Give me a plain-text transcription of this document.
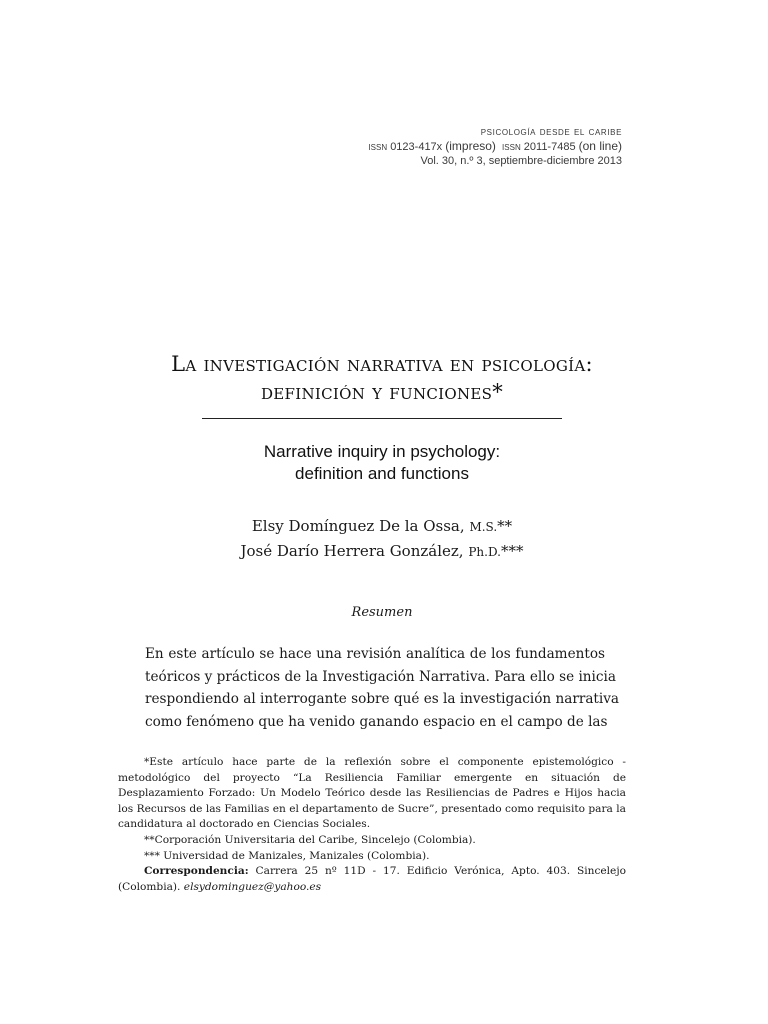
psicología desde el caribe
issn 0123-417x (impreso) issn 2011-7485 (on line)
Vol. 30, n.º 3, septiembre-diciembre 2013
La investigación narrativa en psicología:
definición y funciones*
Narrative inquiry in psychology:
definition and functions
Elsy Domínguez De la Ossa, M.S.**
José Darío Herrera González, Ph.D.***
Resumen
En este artículo se hace una revisión analítica de los fundamentos
teóricos y prácticos de la Investigación Narrativa. Para ello se inicia
respondiendo al interrogante sobre qué es la investigación narrativa
como fenómeno que ha venido ganando espacio en el campo de las

*Este artículo hace parte de la reflexión sobre el componente epistemológico - metodológico del proyecto “La Resiliencia Familiar emergente en situación de Desplazamiento Forzado: Un Modelo Teórico desde las Resiliencias de Padres e Hijos hacia los Recursos de las Familias en el departamento de Sucre”, presentado como requisito para la candidatura al doctorado en Ciencias Sociales.

**Corporación Universitaria del Caribe, Sincelejo (Colombia).

*** Universidad de Manizales, Manizales (Colombia).

Correspondencia: Carrera 25 nº 11D - 17. Edificio Verónica, Apto. 403. Sincelejo (Colombia). elsydominguez@yahoo.es
